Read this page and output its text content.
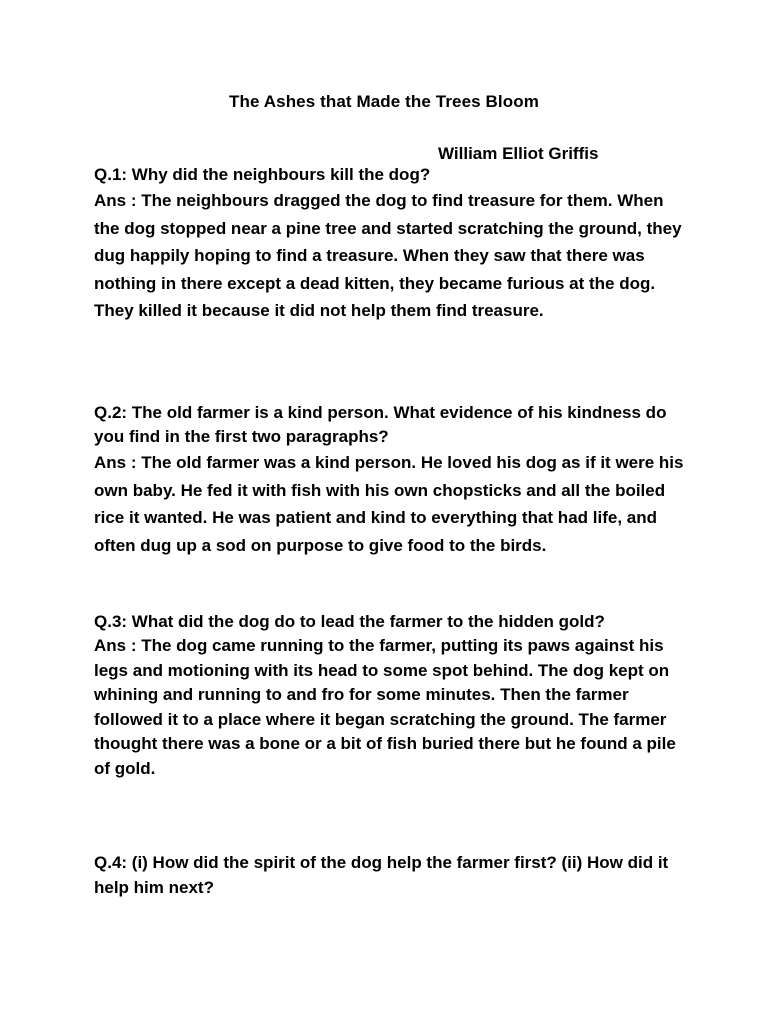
The Ashes that Made the Trees Bloom

William Elliot Griffis

Q.1: Why did the neighbours kill the dog?

Ans : The neighbours dragged the dog to find treasure for them. When the dog stopped near a pine tree and started scratching the ground, they dug happily hoping to find a treasure. When they saw that there was nothing in there except a dead kitten, they became furious at the dog. They killed it because it did not help them find treasure.

Q.2: The old farmer is a kind person. What evidence of his kindness do you find in the first two paragraphs?

Ans : The old farmer was a kind person. He loved his dog as if it were his own baby. He fed it with fish with his own chopsticks and all the boiled rice it wanted. He was patient and kind to everything that had life, and often dug up a sod on purpose to give food to the birds.

Q.3: What did the dog do to lead the farmer to the hidden gold?

Ans : The dog came running to the farmer, putting its paws against his legs and motioning with its head to some spot behind. The dog kept on whining and running to and fro for some minutes. Then the farmer followed it to a place where it began scratching the ground. The farmer thought there was a bone or a bit of fish buried there but he found a pile of gold.

Q.4: (i) How did the spirit of the dog help the farmer first? (ii) How did it help him next?
